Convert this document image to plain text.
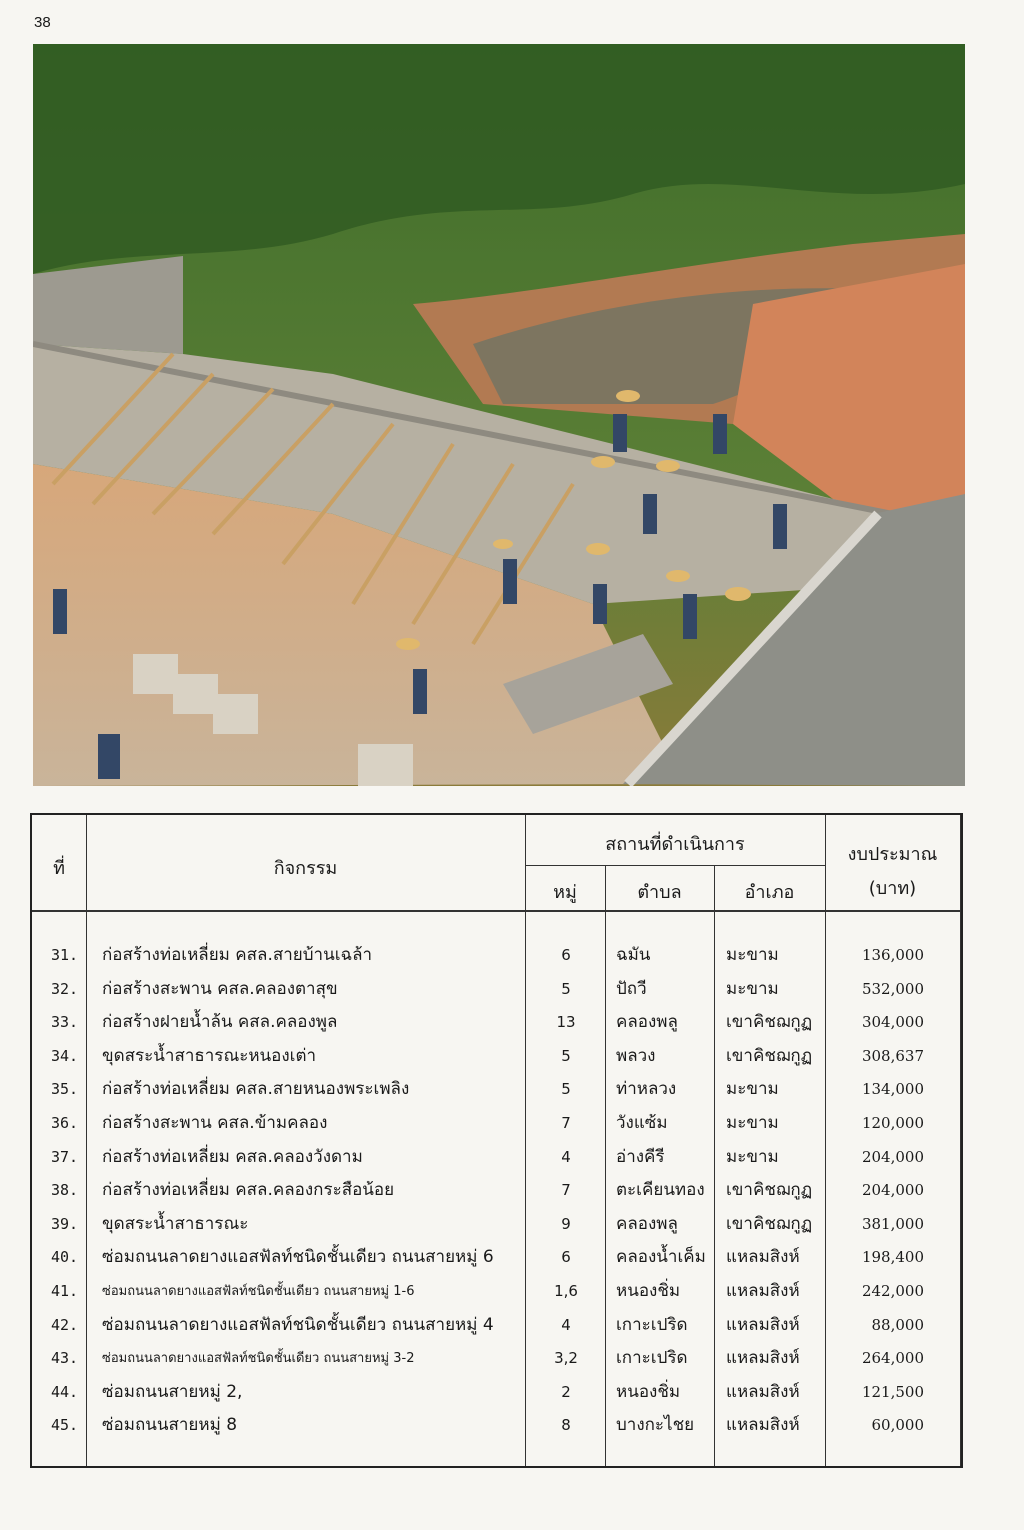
38
ที่	กิจกรรม
สถานที่ดำเนินการ
หมู่	ตำบล	อำเภอ
งบประมาณ
(บาท)
31.	ก่อสร้างท่อเหลี่ยม คสล.สายบ้านเฉล้า	6	ฉมัน	มะขาม	136,000
32.	ก่อสร้างสะพาน คสล.คลองตาสุข	5	ปัถวี	มะขาม	532,000
33.	ก่อสร้างฝายน้ำล้น คสล.คลองพูล	13	คลองพลู	เขาคิชฌกูฏ	304,000
34.	ขุดสระน้ำสาธารณะหนองเต่า	5	พลวง	เขาคิชฌกูฏ	308,637
35.	ก่อสร้างท่อเหลี่ยม คสล.สายหนองพระเพลิง	5	ท่าหลวง	มะขาม	134,000
36.	ก่อสร้างสะพาน คสล.ข้ามคลอง	7	วังแซ้ม	มะขาม	120,000
37.	ก่อสร้างท่อเหลี่ยม คสล.คลองวังดาม	4	อ่างคีรี	มะขาม	204,000
38.	ก่อสร้างท่อเหลี่ยม คสล.คลองกระสือน้อย	7	ตะเคียนทอง	เขาคิชฌกูฏ	204,000
39.	ขุดสระน้ำสาธารณะ	9	คลองพลู	เขาคิชฌกูฏ	381,000
40.	ซ่อมถนนลาดยางแอสฟัลท์ชนิดชั้นเดียว ถนนสายหมู่ 6	6	คลองน้ำเค็ม	แหลมสิงห์	198,400
41.	ซ่อมถนนลาดยางแอสฟัลท์ชนิดชั้นเดียว ถนนสายหมู่ 1-6	1,6	หนองชิ่ม	แหลมสิงห์	242,000
42.	ซ่อมถนนลาดยางแอสฟัลท์ชนิดชั้นเดียว ถนนสายหมู่ 4	4	เกาะเปริด	แหลมสิงห์	88,000
43.	ซ่อมถนนลาดยางแอสฟัลท์ชนิดชั้นเดียว ถนนสายหมู่ 3-2	3,2	เกาะเปริด	แหลมสิงห์	264,000
44.	ซ่อมถนนสายหมู่ 2,	2	หนองชิ่ม	แหลมสิงห์	121,500
45.	ซ่อมถนนสายหมู่ 8	8	บางกะไชย	แหลมสิงห์	60,000
